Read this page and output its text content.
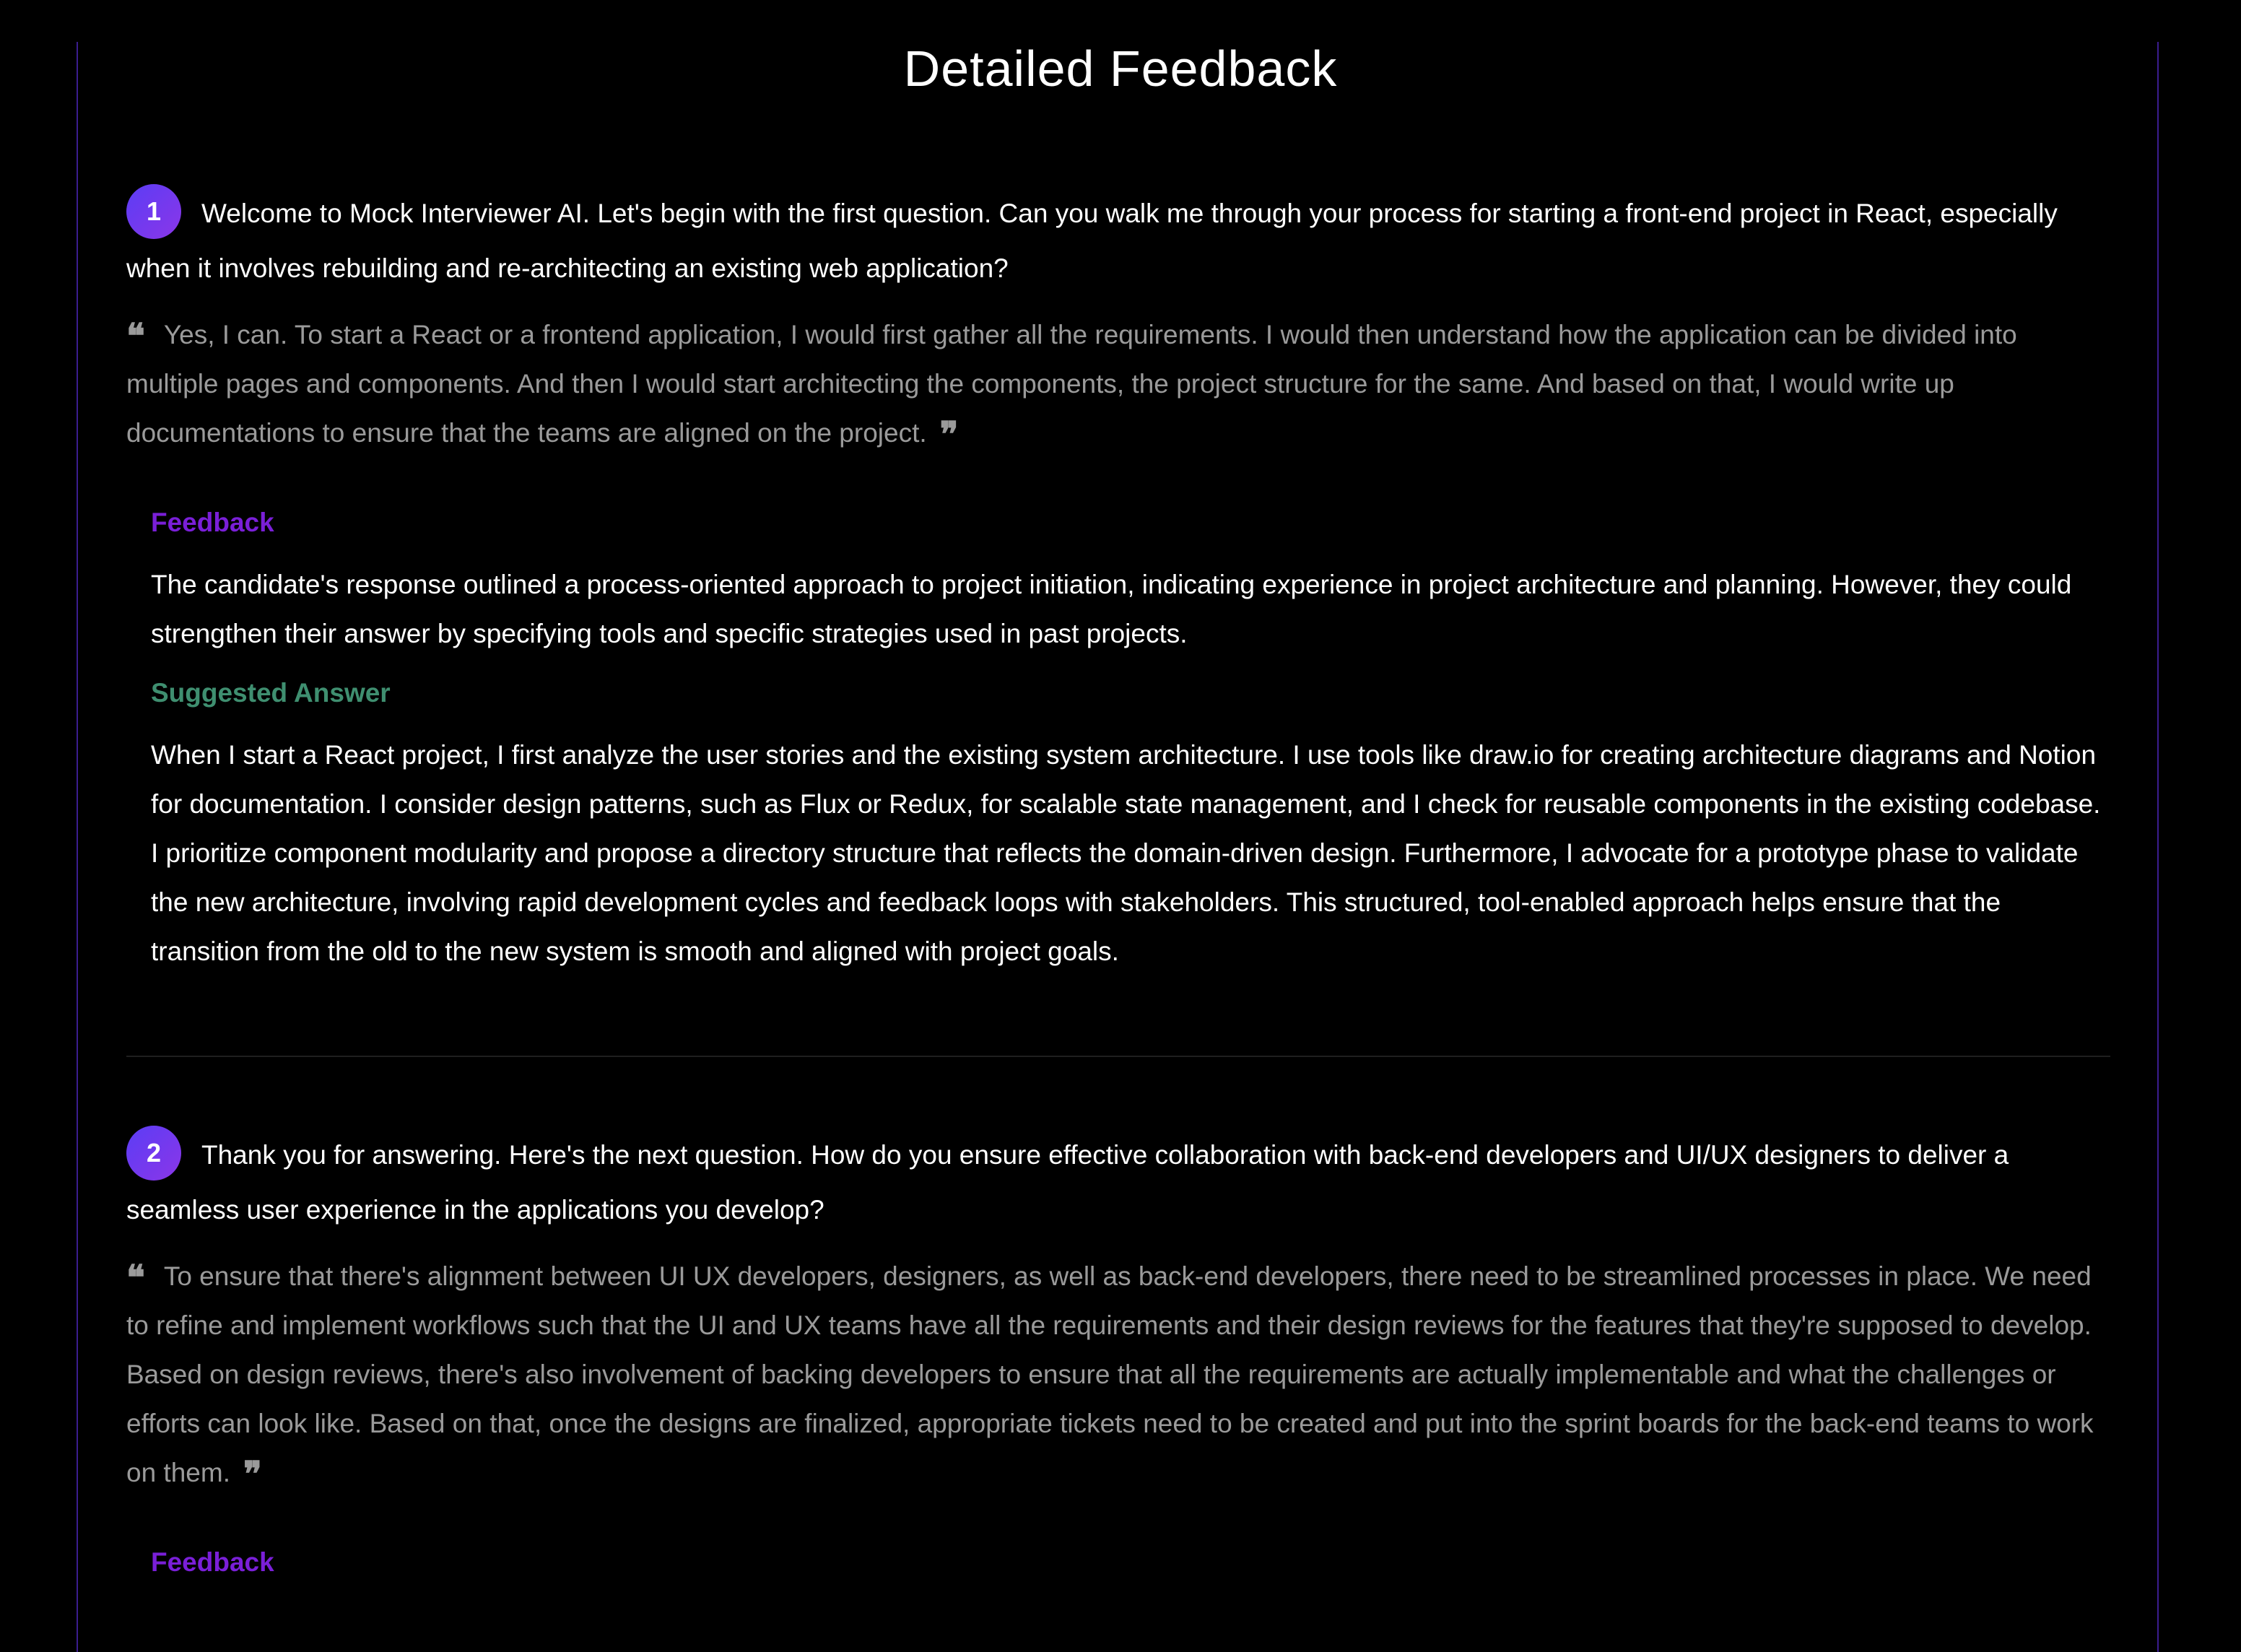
Detailed Feedback

1 Welcome to Mock Interviewer AI. Let's begin with the first question. Can you walk me through your process for starting a front-end project in React, especially when it involves rebuilding and re-architecting an existing web application?

❝ Yes, I can. To start a React or a frontend application, I would first gather all the requirements. I would then understand how the application can be divided into multiple pages and components. And then I would start architecting the components, the project structure for the same. And based on that, I would write up documentations to ensure that the teams are aligned on the project. ❞
Feedback
The candidate's response outlined a process-oriented approach to project initiation, indicating experience in project architecture and planning. However, they could strengthen their answer by specifying tools and specific strategies used in past projects.
Suggested Answer
When I start a React project, I first analyze the user stories and the existing system architecture. I use tools like draw.io for creating architecture diagrams and Notion for documentation. I consider design patterns, such as Flux or Redux, for scalable state management, and I check for reusable components in the existing codebase. I prioritize component modularity and propose a directory structure that reflects the domain-driven design. Furthermore, I advocate for a prototype phase to validate the new architecture, involving rapid development cycles and feedback loops with stakeholders. This structured, tool-enabled approach helps ensure that the transition from the old to the new system is smooth and aligned with project goals.

2 Thank you for answering. Here's the next question. How do you ensure effective collaboration with back-end developers and UI/UX designers to deliver a seamless user experience in the applications you develop?

❝ To ensure that there's alignment between UI UX developers, designers, as well as back-end developers, there need to be streamlined processes in place. We need to refine and implement workflows such that the UI and UX teams have all the requirements and their design reviews for the features that they're supposed to develop. Based on design reviews, there's also involvement of backing developers to ensure that all the requirements are actually implementable and what the challenges or efforts can look like. Based on that, once the designs are finalized, appropriate tickets need to be created and put into the sprint boards for the back-end teams to work on them. ❞
Feedback
